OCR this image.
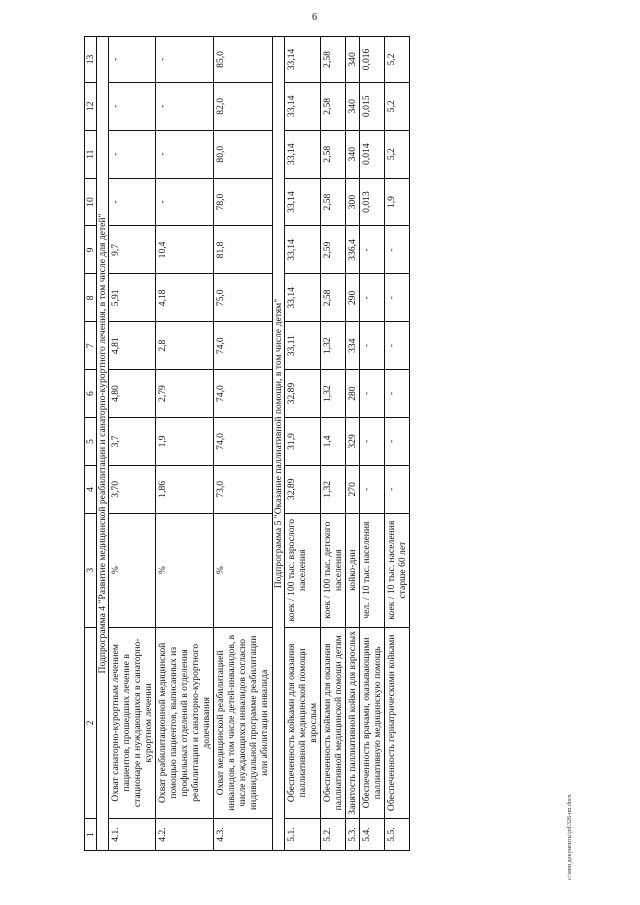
6
1	2	3	4	5	6	7	8	9	10	11	12	13
Подпрограмма 4 "Развитие медицинской реабилитации и санаторно-курортного лечения, в том числе для детей"												
4.1.	Охват санаторно-курортным лечением пациентов, прошедших лечение в стационаре и нуждающихся в санаторно-курортном лечении	%	3,70	3,7	4,80	4,81	5,91	9,7	-	-	-	-
4.2.	Охват реабилитационной медицинской помощью пациентов, выписанных из профильных отделений в отделения реабилитации и санаторно-курортного долечивания	%	1,86	1,9	2,79	2,8	4,18	10,4	-	-	-	-
4.3.	Охват медицинской реабилитацией инвалидов, в том числе детей-инвалидов, в числе нуждающихся инвалидов согласно индивидуальной программе реабилитации или абилитации инвалида	%	73,0	74,0	74,0	74,0	75,0	81,8	78,0	80,0	82,0	85,0
Подпрограмма 5 "Оказание паллиативной помощи, в том числе детям"												
5.1.	Обеспеченность койками для оказания паллиативной медицинской помощи взрослым	коек / 100 тыс. взрослого населения	32,89	31,9	32,89	33,11	33,14	33,14	33,14	33,14	33,14	33,14
5.2.	Обеспеченность койками для оказания паллиативной медицинской помощи детям	коек / 100 тыс. детского населения	1,32	1,4	1,32	1,32	2,58	2,59	2,58	2,58	2,58	2,58
5.3.	Занятость паллиативной койки для взрослых	койко-дни	270	329	280	334	290	336,4	300	340	340	340
5.4.	Обеспеченность врачами, оказывающими паллиативную медицинскую помощь	чел. / 10 тыс. населения	-	-	-	-	-	-	0,013	0,014	0,015	0,016
5.5.	Обеспеченность гериатрическими койками	коек / 10 тыс. населения старше 60 лет	-	-	-	-	-	-	1,9	5,2	5,2	5,2
c:\мои документы\pd\326-пп.docx
